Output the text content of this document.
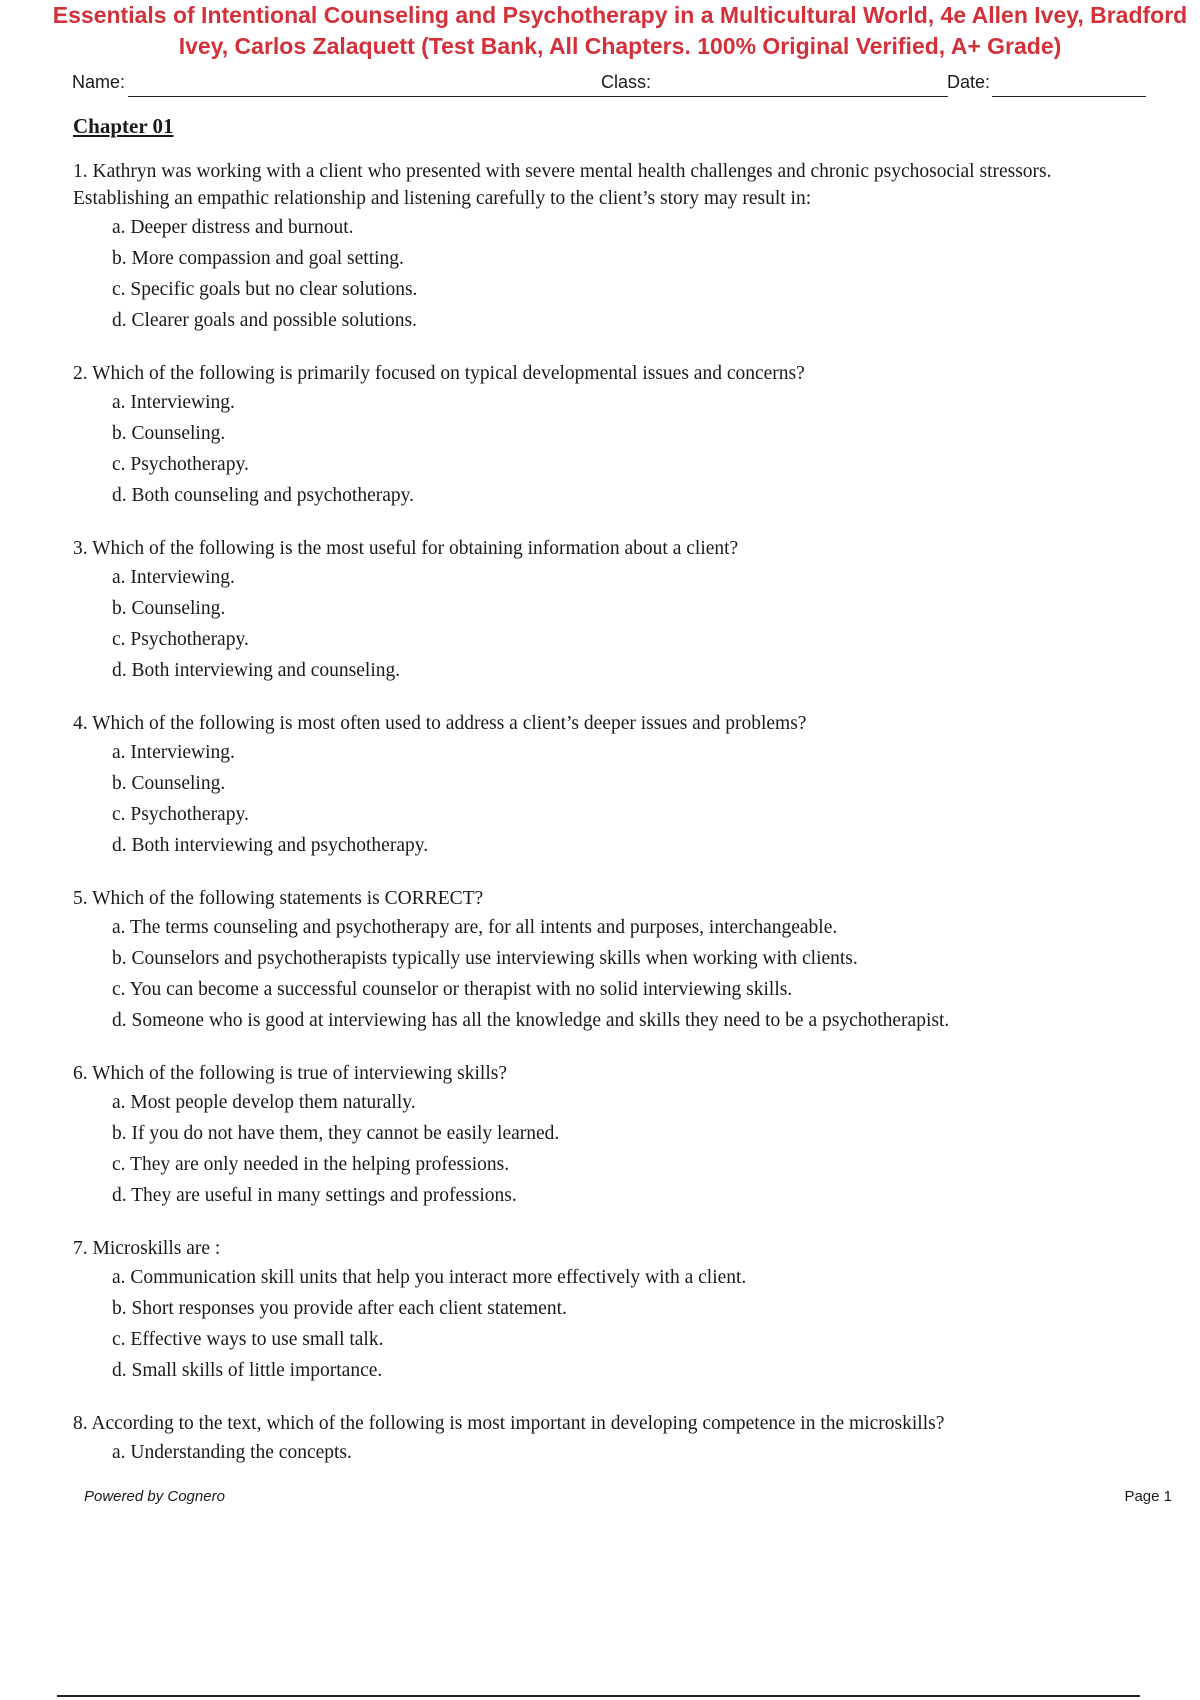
Essentials of Intentional Counseling and Psychotherapy in a Multicultural World, 4e Allen Ivey, Bradford
Ivey, Carlos Zalaquett (Test Bank, All Chapters. 100% Original Verified, A+ Grade)
Name:	Class:	Date:
Chapter 01

1. Kathryn was working with a client who presented with severe mental health challenges and chronic psychosocial stressors. Establishing an empathic relationship and listening carefully to the client’s story may result in:

a. Deeper distress and burnout.
b. More compassion and goal setting.
c. Specific goals but no clear solutions.
d. Clearer goals and possible solutions.

2. Which of the following is primarily focused on typical developmental issues and concerns?

a. Interviewing.
b. Counseling.
c. Psychotherapy.
d. Both counseling and psychotherapy.

3. Which of the following is the most useful for obtaining information about a client?

a. Interviewing.
b. Counseling.
c. Psychotherapy.
d. Both interviewing and counseling.

4. Which of the following is most often used to address a client’s deeper issues and problems?

a. Interviewing.
b. Counseling.
c. Psychotherapy.
d. Both interviewing and psychotherapy.

5. Which of the following statements is CORRECT?

a. The terms counseling and psychotherapy are, for all intents and purposes, interchangeable.
b. Counselors and psychotherapists typically use interviewing skills when working with clients.
c. You can become a successful counselor or therapist with no solid interviewing skills.
d. Someone who is good at interviewing has all the knowledge and skills they need to be a psychotherapist.

6. Which of the following is true of interviewing skills?

a. Most people develop them naturally.
b. If you do not have them, they cannot be easily learned.
c. They are only needed in the helping professions.
d. They are useful in many settings and professions.

7. Microskills are :

a. Communication skill units that help you interact more effectively with a client.
b. Short responses you provide after each client statement.
c. Effective ways to use small talk.
d. Small skills of little importance.

8. According to the text, which of the following is most important in developing competence in the microskills?

a. Understanding the concepts.
Powered by Cognero	Page 1
